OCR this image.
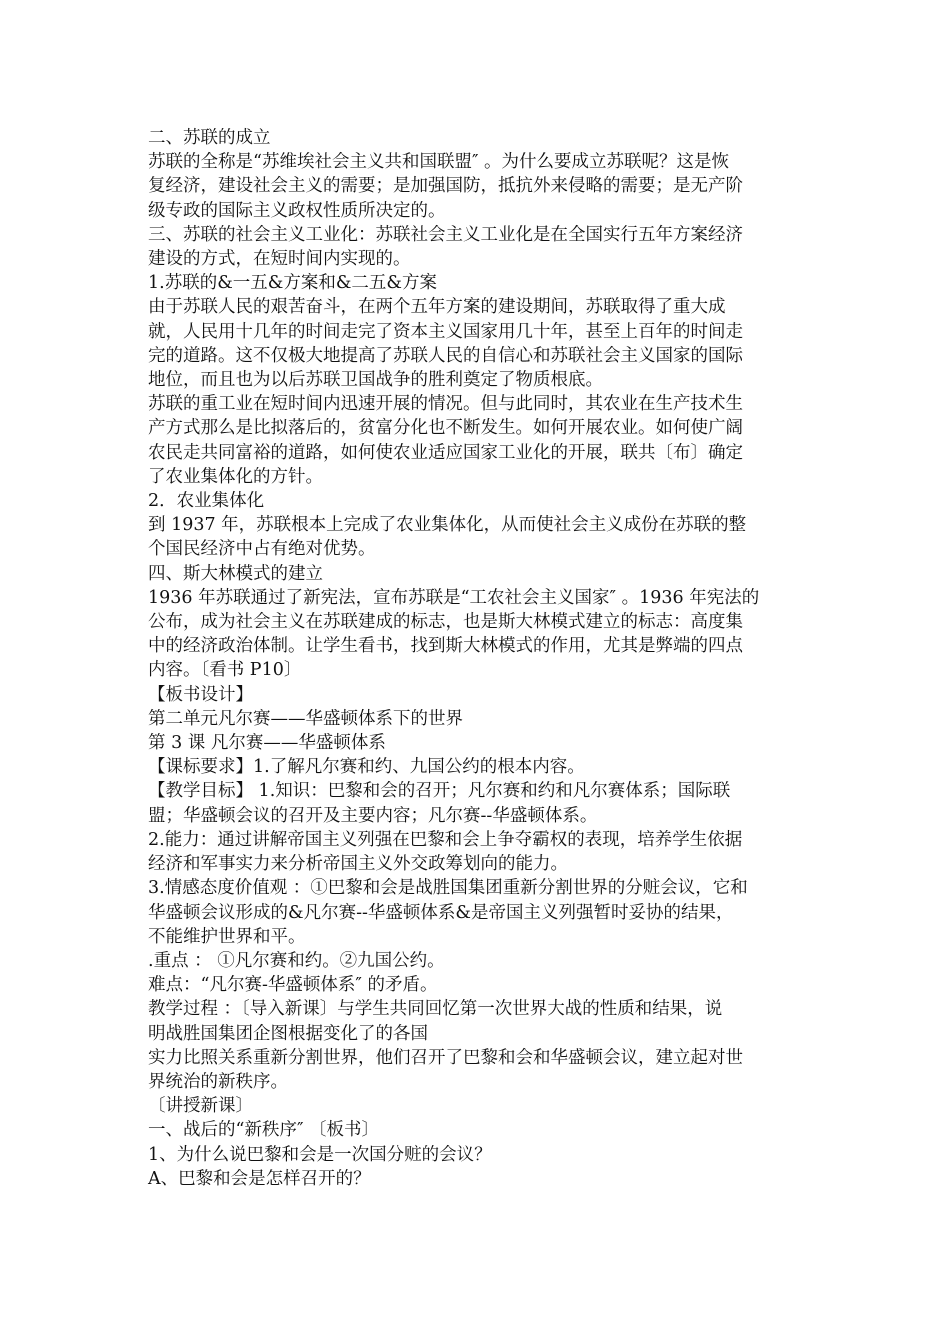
二、苏联的成立

苏联的全称是“苏维埃社会主义共和国联盟″ 。为什么要成立苏联呢？这是恢

复经济，建设社会主义的需要；是加强国防，抵抗外来侵略的需要；是无产阶

级专政的国际主义政权性质所决定的。

三、苏联的社会主义工业化：苏联社会主义工业化是在全国实行五年方案经济

建设的方式，在短时间内实现的。

1.苏联的&一五&方案和&二五&方案

由于苏联人民的艰苦奋斗，在两个五年方案的建设期间，苏联取得了重大成

就，人民用十几年的时间走完了资本主义国家用几十年，甚至上百年的时间走

完的道路。这不仅极大地提高了苏联人民的自信心和苏联社会主义国家的国际

地位，而且也为以后苏联卫国战争的胜利奠定了物质根底。

苏联的重工业在短时间内迅速开展的情况。但与此同时，其农业在生产技术生

产方式那么是比拟落后的，贫富分化也不断发生。如何开展农业。如何使广阔

农民走共同富裕的道路，如何使农业适应国家工业化的开展，联共〔布〕确定

了农业集体化的方针。

2．农业集体化

到 1937 年，苏联根本上完成了农业集体化，从而使社会主义成份在苏联的整

个国民经济中占有绝对优势。

四、斯大林模式的建立

1936 年苏联通过了新宪法，宣布苏联是“工农社会主义国家″ 。1936 年宪法的

公布，成为社会主义在苏联建成的标志，也是斯大林模式建立的标志：高度集

中的经济政治体制。让学生看书，找到斯大林模式的作用，尤其是弊端的四点

内容。〔看书 P10〕

【板书设计】

第二单元凡尔赛——华盛顿体系下的世界

第 3 课 凡尔赛——华盛顿体系

【课标要求】1.了解凡尔赛和约、九国公约的根本内容。

【教学目标】 1.知识：巴黎和会的召开；凡尔赛和约和凡尔赛体系；国际联

盟；华盛顿会议的召开及主要内容；凡尔赛--华盛顿体系。

2.能力：通过讲解帝国主义列强在巴黎和会上争夺霸权的表现，培养学生依据

经济和军事实力来分析帝国主义外交政筹划向的能力。

3.情感态度价值观 ：①巴黎和会是战胜国集团重新分割世界的分赃会议，它和

华盛顿会议形成的&凡尔赛--华盛顿体系&是帝国主义列强暂时妥协的结果，

不能维护世界和平。

.重点 ： ①凡尔赛和约。②九国公约。

难点：“凡尔赛-华盛顿体系″ 的矛盾。

教学过程 ：〔导入新课〕与学生共同回忆第一次世界大战的性质和结果，说

明战胜国集团企图根据变化了的各国

实力比照关系重新分割世界，他们召开了巴黎和会和华盛顿会议，建立起对世

界统治的新秩序。

〔讲授新课〕

一、战后的“新秩序″ 〔板书〕

1、为什么说巴黎和会是一次国分赃的会议？

A、巴黎和会是怎样召开的？
